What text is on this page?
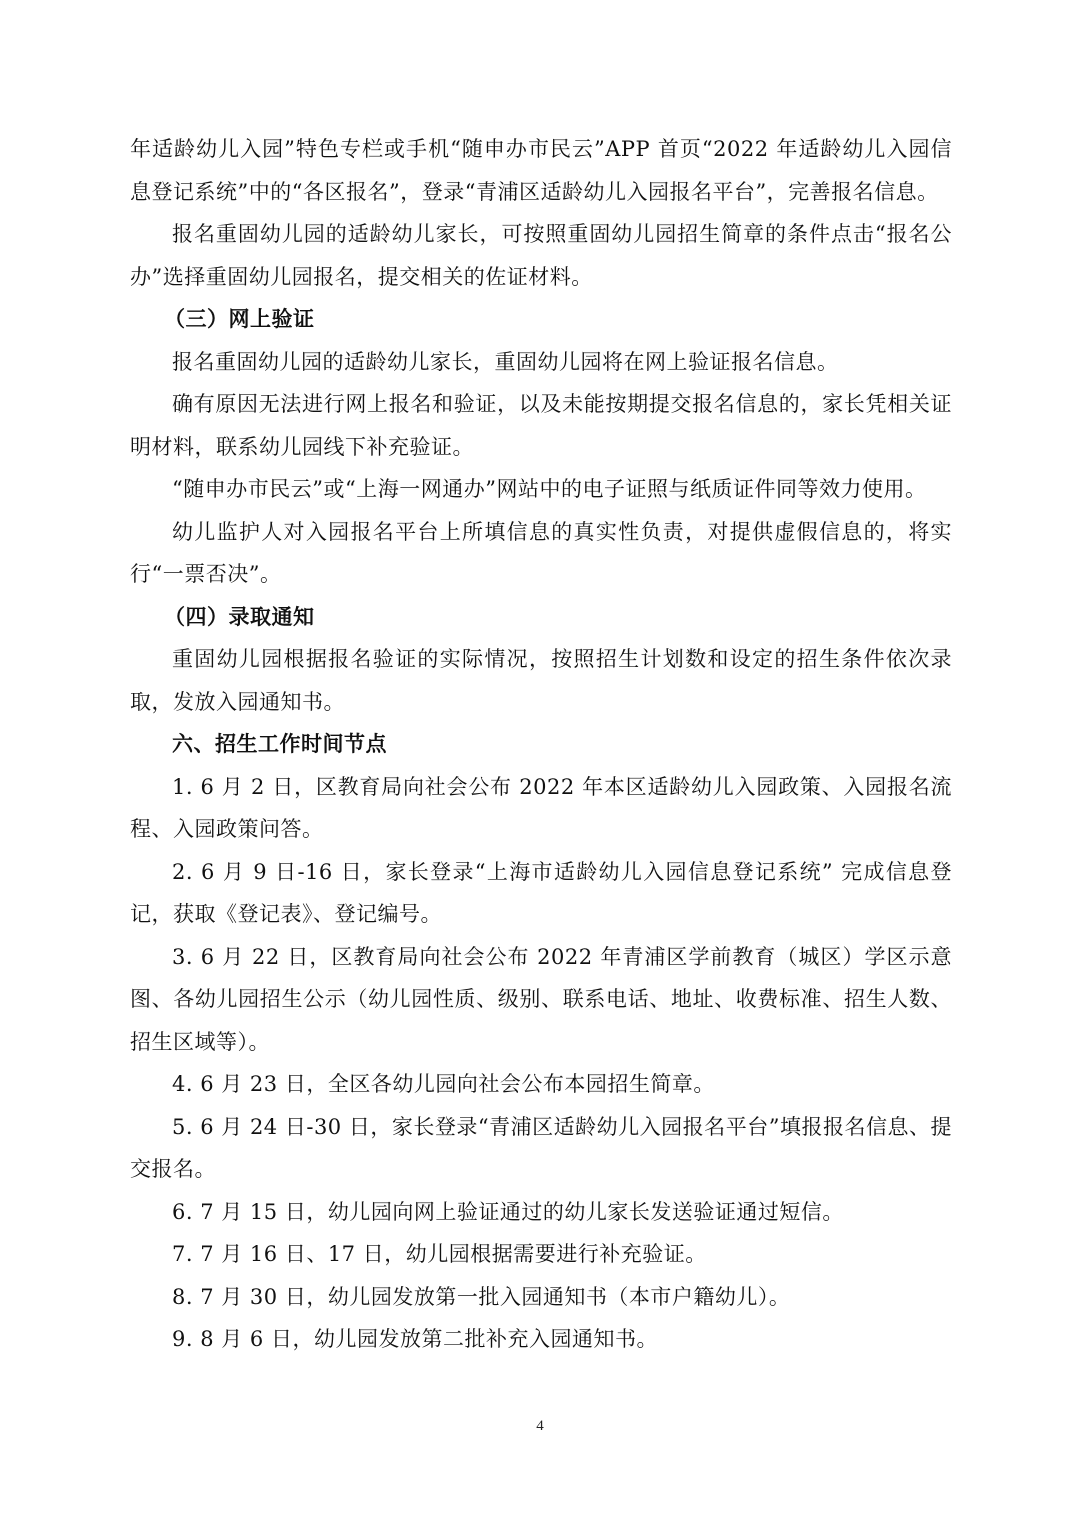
年适龄幼儿入园”特色专栏或手机“随申办市民云”APP 首页“2022 年适龄幼儿入园信息登记系统”中的“各区报名”，登录“青浦区适龄幼儿入园报名平台”，完善报名信息。

报名重固幼儿园的适龄幼儿家长，可按照重固幼儿园招生简章的条件点击“报名公办”选择重固幼儿园报名，提交相关的佐证材料。

（三）网上验证

报名重固幼儿园的适龄幼儿家长，重固幼儿园将在网上验证报名信息。

确有原因无法进行网上报名和验证，以及未能按期提交报名信息的，家长凭相关证明材料，联系幼儿园线下补充验证。

“随申办市民云”或“上海一网通办”网站中的电子证照与纸质证件同等效力使用。

幼儿监护人对入园报名平台上所填信息的真实性负责，对提供虚假信息的，将实行“一票否决”。

（四）录取通知

重固幼儿园根据报名验证的实际情况，按照招生计划数和设定的招生条件依次录取，发放入园通知书。

六、招生工作时间节点

1. 6 月 2 日，区教育局向社会公布 2022 年本区适龄幼儿入园政策、入园报名流程、入园政策问答。

2. 6 月 9 日-16 日，家长登录“上海市适龄幼儿入园信息登记系统” 完成信息登记，获取《登记表》、登记编号。

3. 6 月 22 日，区教育局向社会公布 2022 年青浦区学前教育（城区）学区示意图、各幼儿园招生公示（幼儿园性质、级别、联系电话、地址、收费标准、招生人数、招生区域等）。

4. 6 月 23 日，全区各幼儿园向社会公布本园招生简章。

5. 6 月 24 日-30 日，家长登录“青浦区适龄幼儿入园报名平台”填报报名信息、提交报名。

6. 7 月 15 日，幼儿园向网上验证通过的幼儿家长发送验证通过短信。

7. 7 月 16 日、17 日，幼儿园根据需要进行补充验证。

8. 7 月 30 日，幼儿园发放第一批入园通知书（本市户籍幼儿）。

9. 8 月 6 日，幼儿园发放第二批补充入园通知书。

4
